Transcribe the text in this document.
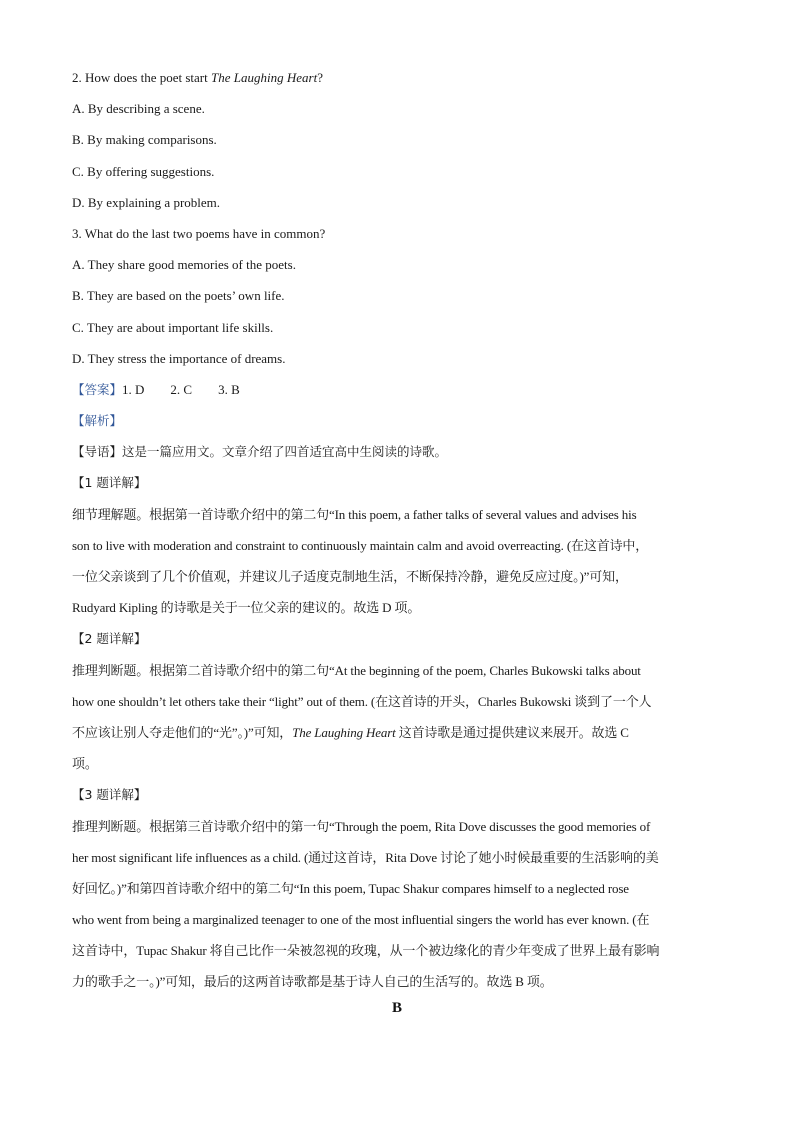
2. How does the poet start The Laughing Heart?
A. By describing a scene.
B. By making comparisons.
C. By offering suggestions.
D. By explaining a problem.
3. What do the last two poems have in common?
A. They share good memories of the poets.
B. They are based on the poets’ own life.
C. They are about important life skills.
D. They stress the importance of dreams.
【答案】1. D 2. C 3. B
【解析】
【导语】这是一篇应用文。文章介绍了四首适宜高中生阅读的诗歌。
【1 题详解】
细节理解题。根据第一首诗歌介绍中的第二句“In this poem, a father talks of several values and advises his
son to live with moderation and constraint to continuously maintain calm and avoid overreacting. (在这首诗中，
一位父亲谈到了几个价值观，并建议儿子适度克制地生活，不断保持冷静，避免反应过度。)”可知，
Rudyard Kipling 的诗歌是关于一位父亲的建议的。故选 D 项。
【2 题详解】
推理判断题。根据第二首诗歌介绍中的第二句“At the beginning of the poem, Charles Bukowski talks about
how one shouldn’t let others take their “light” out of them. (在这首诗的开头，Charles Bukowski 谈到了一个人
不应该让别人夺走他们的“光”。)”可知，The Laughing Heart 这首诗歌是通过提供建议来展开。故选 C
项。
【3 题详解】
推理判断题。根据第三首诗歌介绍中的第一句“Through the poem, Rita Dove discusses the good memories of
her most significant life influences as a child. (通过这首诗，Rita Dove 讨论了她小时候最重要的生活影响的美
好回忆。)”和第四首诗歌介绍中的第二句“In this poem, Tupac Shakur compares himself to a neglected rose
who went from being a marginalized teenager to one of the most influential singers the world has ever known. (在
这首诗中，Tupac Shakur 将自己比作一朵被忽视的玫瑰，从一个被边缘化的青少年变成了世界上最有影响
力的歌手之一。)”可知，最后的这两首诗歌都是基于诗人自己的生活写的。故选 B 项。
B
